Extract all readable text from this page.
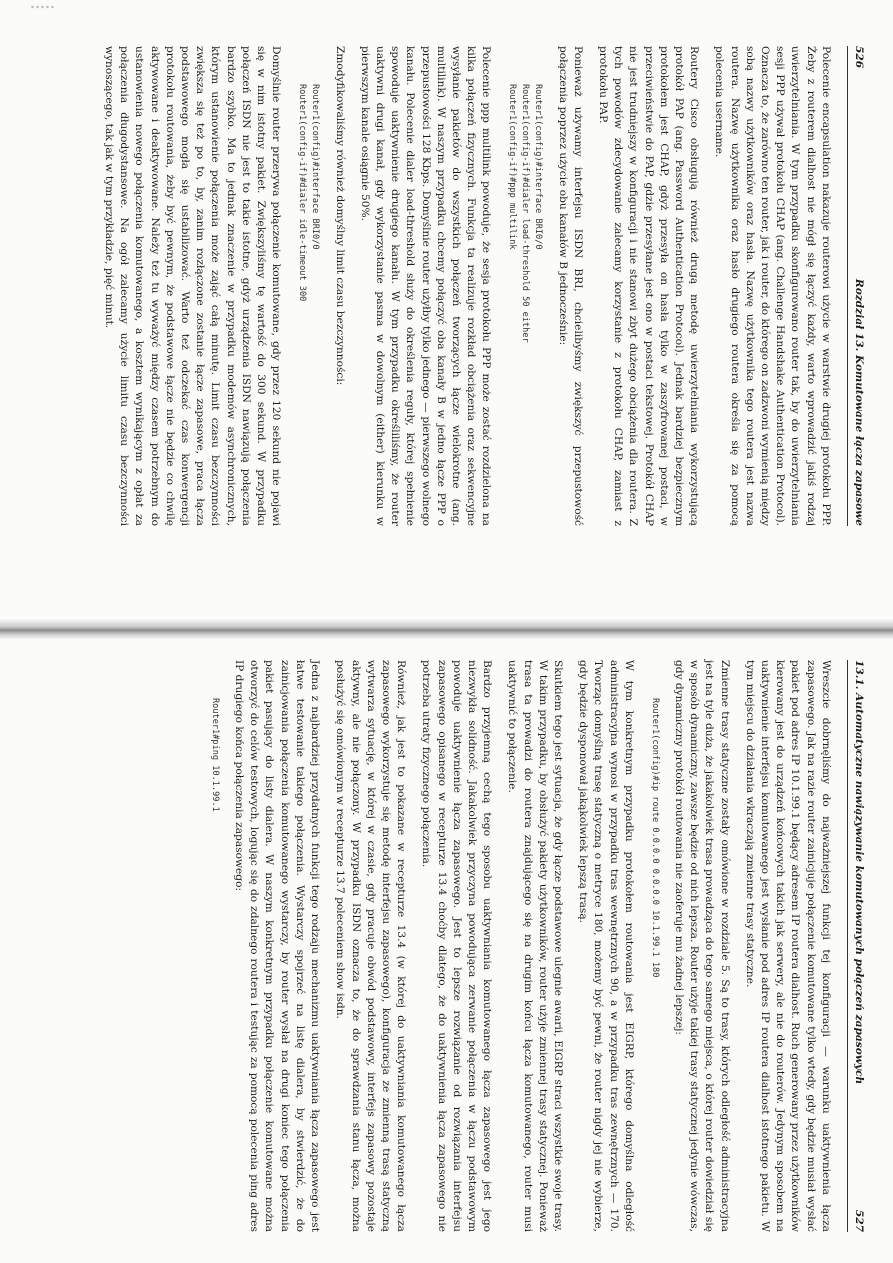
526
Rozdział 13. Komutowane łącza zapasowe

Polecenie encapsulation nakazuje routerowi użycie w warstwie drugiej protokołu PPP. Żeby z routerem dialhost nie mógł się łączyć każdy, warto wprowadzić jakiś rodzaj uwierzytelniania. W tym przypadku skonfigurowano router tak, by do uwierzytelniania sesji PPP używał protokołu CHAP (ang. Challenge Handshake Authentication Protocol). Oznacza to, że zarówno ten router, jak i router, do którego on zadzwoni wymienią między sobą nazwy użytkowników oraz hasła. Nazwę użytkownika tego routera jest nazwa routera. Nazwę użytkownika oraz hasło drugiego routera określa się za pomocą polecenia username.

Routery Cisco obsługują również drugą metodę uwierzytelniania wykorzystującą protokół PAP (ang. Password Authentication Protocol). Jednak bardziej bezpiecznym protokołem jest CHAP, gdyż przesyła on hasła tylko w zaszyfrowanej postaci, w przeciwieństwie do PAP, gdzie przesyłane jest ono w postaci tekstowej. Protokół CHAP nie jest trudniejszy w konfiguracji i nie stanowi zbyt dużego obciążenia dla routera. Z tych powodów zdecydowanie zalecamy korzystanie z protokołu CHAP, zamiast z protokołu PAP.

Ponieważ używamy interfejsu ISDN BRI, chcielibyśmy zwiększyć przepustowość połączenia poprzez użycie obu kanałów B jednocześnie:

Router1(config)#interface BRI0/0
Router1(config-if)#dialer load-threshold 50 either
Router1(config-if)#ppp multilink

Polecenie ppp multilink powoduje, że sesja protokołu PPP może zostać rozdzielona na kilka połączeń fizycznych. Funkcja ta realizuje rozkład obciążenia oraz sekwencyjne wysyłanie pakietów do wszystkich połączeń tworzących łącze wielokrotne (ang. multilink). W naszym przypadku chcemy połączyć oba kanały B w jedno łącze PPP o przepustowości 128 Kbps. Domyślnie router użyłby tylko jednego — pierwszego wolnego kanału. Polecenie dialer load-threshold służy do określenia reguły, której spełnienie spowoduje uaktywnienie drugiego kanału. W tym przypadku określiliśmy, że router uaktywni drugi kanał, gdy wykorzystanie pasma w dowolnym (either) kierunku w pierwszym kanale osiągnie 50%.

Zmodyfikowaliśmy również domyślny limit czasu bezczynności:

Router1(config)#interface BRI0/0
Router1(config-if)#dialer idle-timeout 300

Domyślnie router przerywa połączenie komutowane, gdy przez 120 sekund nie pojawi się w nim istotny pakiet. Zwiększyliśmy tę wartość do 300 sekund. W przypadku połączeń ISDN nie jest to takie istotne, gdyż urządzenia ISDN nawiązują połączenia bardzo szybko. Ma to jednak znaczenie w przypadku modemów asynchronicznych, którym ustanowienie połączenia może zająć całą minutę. Limit czasu bezczynności zwiększa się też po to, by, zanim rozłączone zostanie łącze zapasowe, praca łącza podstawowego mogła się ustabilizować. Warto też odczekać czas konwergencji protokołu routowania, żeby być pewnym, że podstawowe łącze nie będzie co chwilę aktywowane i deaktywowane. Należy też tu wyważyć między czasem potrzebnym do ustanowienia nowego połączenia komutowanego, a kosztem wynikającym z opłat za połączenia długodystansowe. Na ogół zalecamy użycie limitu czasu bezczynności wynoszącego, tak jak w tym przykładzie, pięć minut.

13.1. Automatyczne nawiązywanie komutowanych połączeń zapasowych
527

Wreszcie dobrnęliśmy do najważniejszej funkcji tej konfiguracji — warunku uaktywnienia łącza zapasowego. Jak na razie router zainicjuje połączenie komutowane tylko wtedy, gdy będzie musiał wysłać pakiet pod adres IP 10.1.99.1 będący adresem IP routera dialhost. Ruch generowany przez użytkowników kierowany jest do urządzeń końcowych takich jak serwery, ale nie do routerów. Jedynym sposobem na uaktywnienie interfejsu komutowanego jest wysłanie pod adres IP routera dialhost istotnego pakietu. W tym miejscu do działania wkraczają zmienne trasy statyczne.

Zmienne trasy statyczne zostały omówione w rozdziale 5. Są to trasy, których odległość administracyjna jest na tyle duża, że jakakolwiek trasa prowadząca do tego samego miejsca, o której router dowiedział się w sposób dynamiczny, zawsze będzie od nich lepsza. Router użyje takiej trasy statycznej jedynie wówczas, gdy dynamiczny protokół routowania nie zaoferuje mu żadnej lepszej:

Router1(config)#ip route 0.0.0.0 0.0.0.0 10.1.99.1 180

W tym konkretnym przypadku protokołem routowania jest EIGRP, którego domyślna odległość administracyjna wynosi w przypadku tras wewnętrznych 90, a w przypadku tras zewnętrznych — 170. Tworząc domyślną trasę statyczną o metryce 180, możemy być pewni, że router nigdy jej nie wybierze, gdy będzie dysponował jakąkolwiek lepszą trasą.

Skutkiem tego jest sytuacja, że gdy łącze podstawowe ulegnie awarii, EIGRP straci wszystkie swoje trasy. W takim przypadku, by obsłużyć pakiety użytkowników, router użyje zmiennej trasy statycznej. Ponieważ trasa ta prowadzi do routera znajdującego się na drugim końcu łącza komutowanego, router musi uaktywnić to połączenie.

Bardzo przyjemną cechą tego sposobu uaktywniania komutowanego łącza zapasowego jest jego niezwykła solidność. Jakakolwiek przyczyna powodująca zerwanie połączenia w łączu podstawowym powoduje uaktywnienie łącza zapasowego. Jest to lepsze rozwiązanie od rozwiązania interfejsu zapasowego opisanego w recepturze 13.4 choćby dlatego, że do uaktywnienia łącza zapasowego nie potrzeba utraty fizycznego połączenia.

Również, jak jest to pokazane w recepturze 13.4 (w której do uaktywniania komutowanego łącza zapasowego wykorzystuje się metodę interfejsu zapasowego), konfiguracja ze zmienną trasą statyczną wytwarza sytuację, w której w czasie, gdy pracuje obwód podstawowy, interfejs zapasowy pozostaje aktywny, ale nie połączony. W przypadku ISDN oznacza to, że do sprawdzania stanu łącza, można posłużyć się omówionym w recepturze 13.7 poleceniem show isdn.

Jedna z najbardziej przydatnych funkcji tego rodzaju mechanizmu uaktywniania łącza zapasowego jest łatwe testowanie takiego połączenia. Wystarczy spojrzeć na listę dialera, by stwierdzić, że do zainicjowania połączenia komutowanego wystarczy, by router wysłał na drugi koniec tego połączenia pakiet pasujący do listy dialera. W naszym konkretnym przypadku połączenie komutowane można otworzyć do celów testowych, logując się do zdalnego routera i testując za pomocą polecenia ping adres IP drugiego końca połączenia zapasowego:

Router1#ping 10.1.99.1
